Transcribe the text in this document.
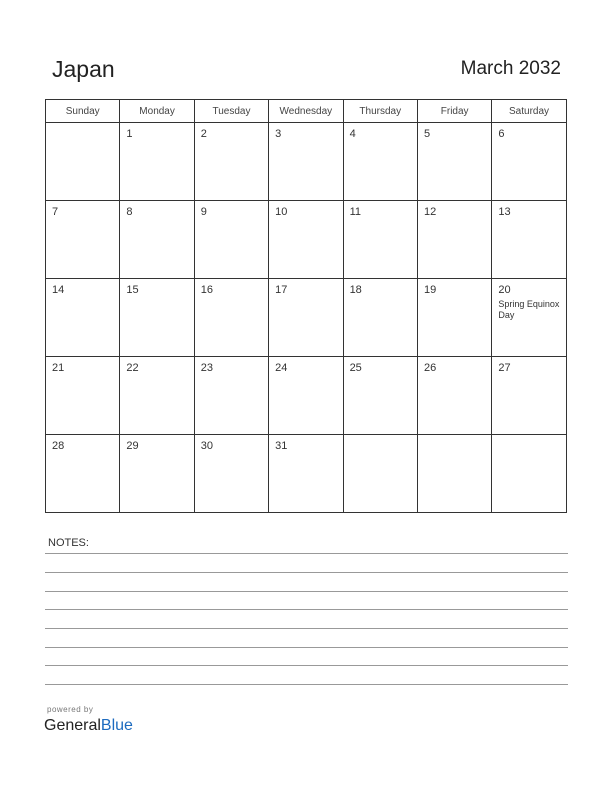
Japan	March 2032
Sunday	Monday	Tuesday	Wednesday	Thursday	Friday	Saturday

	1	2	3	4	5	6

7	8	9	10	11	12	13

14	15	16	17	18	19	20
Spring Equinox Day

21	22	23	24	25	26	27

28	29	30	31			

NOTES:
powered by
GeneralBlue
